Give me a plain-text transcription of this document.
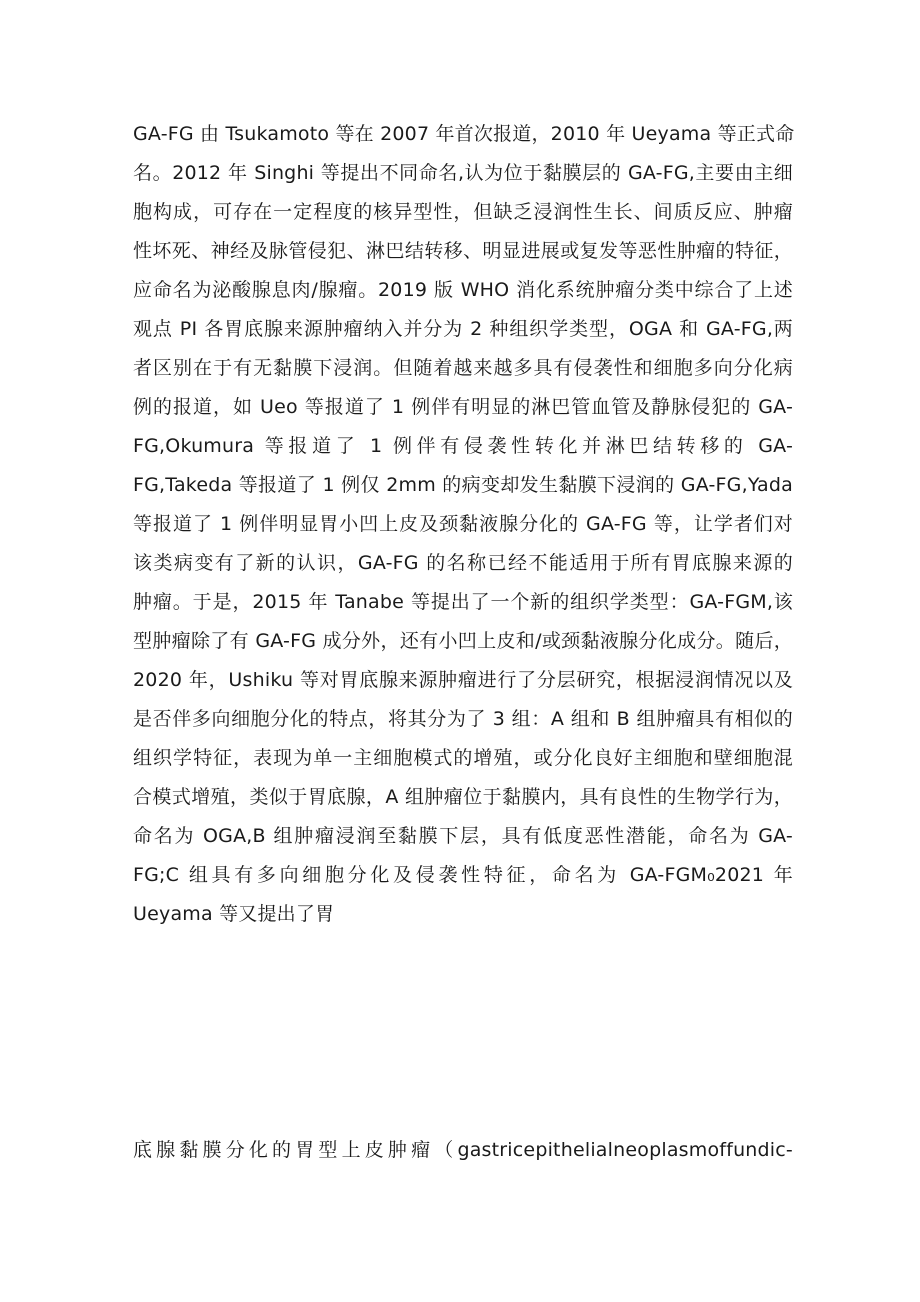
GA-FG 由 Tsukamoto 等在 2007 年首次报道，2010 年 Ueyama 等正式命
名。2012 年 Singhi 等提出不同命名,认为位于黏膜层的 GA-FG,主要由主细
胞构成，可存在一定程度的核异型性，但缺乏浸润性生长、间质反应、肿瘤
性坏死、神经及脉管侵犯、淋巴结转移、明显进展或复发等恶性肿瘤的特征，
应命名为泌酸腺息肉/腺瘤。2019 版 WHO 消化系统肿瘤分类中综合了上述
观点 PI 各胃底腺来源肿瘤纳入并分为 2 种组织学类型，OGA 和 GA-FG,两
者区别在于有无黏膜下浸润。但随着越来越多具有侵袭性和细胞多向分化病
例的报道，如 Ueo 等报道了 1 例伴有明显的淋巴管血管及静脉侵犯的 GA-
FG,Okumura 等报道了 1 例伴有侵袭性转化并淋巴结转移的 GA-
FG,Takeda 等报道了 1 例仅 2mm 的病变却发生黏膜下浸润的 GA-FG,Yada
等报道了 1 例伴明显胃小凹上皮及颈黏液腺分化的 GA-FG 等，让学者们对
该类病变有了新的认识，GA-FG 的名称已经不能适用于所有胃底腺来源的
肿瘤。于是，2015 年 Tanabe 等提出了一个新的组织学类型：GA-FGM,该
型肿瘤除了有 GA-FG 成分外，还有小凹上皮和/或颈黏液腺分化成分。随后，
2020 年，Ushiku 等对胃底腺来源肿瘤进行了分层研究，根据浸润情况以及
是否伴多向细胞分化的特点，将其分为了 3 组：A 组和 B 组肿瘤具有相似的
组织学特征，表现为单一主细胞模式的增殖，或分化良好主细胞和壁细胞混
合模式增殖，类似于胃底腺，A 组肿瘤位于黏膜内，具有良性的生物学行为，
命名为 OGA,B 组肿瘤浸润至黏膜下层，具有低度恶性潜能，命名为 GA-
FG;C 组具有多向细胞分化及侵袭性特征，命名为 GA-FGM₀2021 年
Ueyama 等又提出了胃
底腺黏膜分化的胃型上皮肿瘤（gastricepithelialneoplasmoffundic-
